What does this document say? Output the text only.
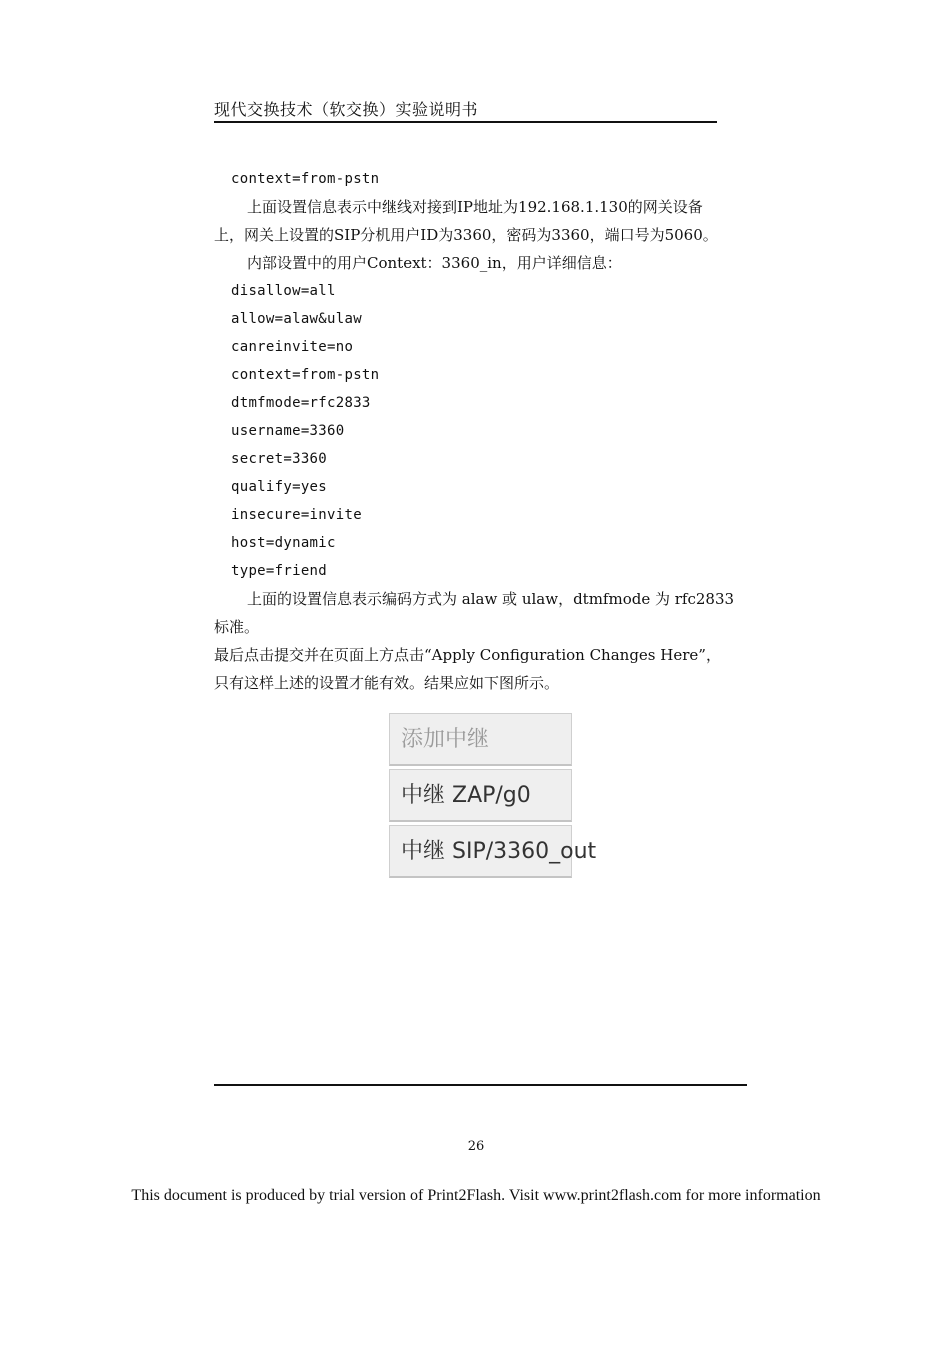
现代交换技术（软交换）实验说明书
context=from-pstn
上面设置信息表示中继线对接到IP地址为192.168.1.130的网关设备
上，网关上设置的SIP分机用户ID为3360，密码为3360，端口号为5060。
内部设置中的用户Context：3360_in，用户详细信息：
disallow=all
allow=alaw&ulaw
canreinvite=no
context=from-pstn
dtmfmode=rfc2833
username=3360
secret=3360
qualify=yes
insecure=invite
host=dynamic
type=friend
上面的设置信息表示编码方式为 alaw 或 ulaw，dtmfmode 为 rfc2833
标准。
最后点击提交并在页面上方点击“Apply Configuration Changes Here”，
只有这样上述的设置才能有效。结果应如下图所示。
添加中继
中继 ZAP/g0
中继 SIP/3360_out
26
This document is produced by trial version of Print2Flash. Visit www.print2flash.com for more information
